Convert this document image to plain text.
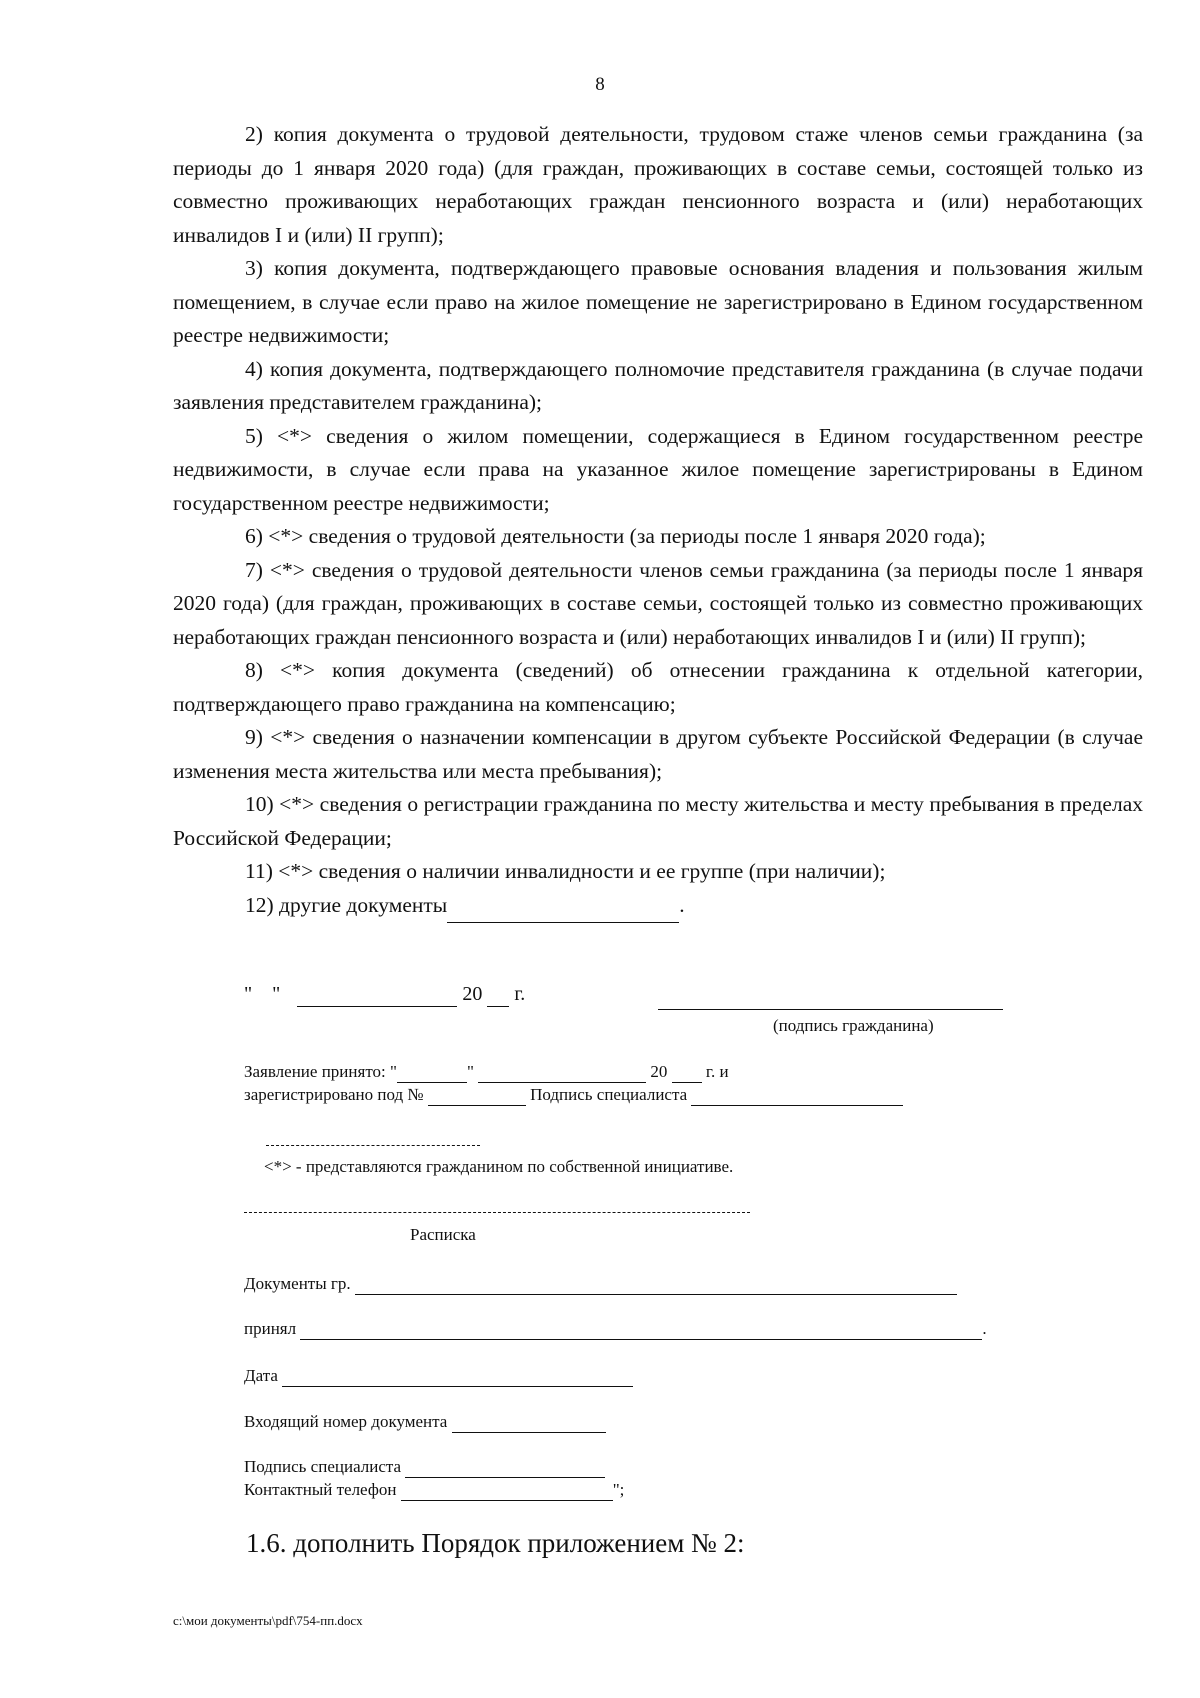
8

2) копия документа о трудовой деятельности, трудовом стаже членов семьи гражданина (за периоды до 1 января 2020 года) (для граждан, проживающих в составе семьи, состоящей только из совместно проживающих неработающих граждан пенсионного возраста и (или) неработающих инвалидов I и (или) II групп);

3) копия документа, подтверждающего правовые основания владения и пользования жилым помещением, в случае если право на жилое помещение не зарегистрировано в Едином государственном реестре недвижимости;

4) копия документа, подтверждающего полномочие представителя гражданина (в случае подачи заявления представителем гражданина);

5) <*> сведения о жилом помещении, содержащиеся в Едином государственном реестре недвижимости, в случае если права на указанное жилое помещение зарегистрированы в Едином государственном реестре недвижимости;

6) <*> сведения о трудовой деятельности (за периоды после 1 января 2020 года);

7) <*> сведения о трудовой деятельности членов семьи гражданина (за периоды после 1 января 2020 года) (для граждан, проживающих в составе семьи, состоящей только из совместно проживающих неработающих граждан пенсионного возраста и (или) неработающих инвалидов I и (или) II групп);

8) <*> копия документа (сведений) об отнесении гражданина к отдельной категории, подтверждающего право гражданина на компенсацию;

9) <*> сведения о назначении компенсации в другом субъекте Российской Федерации (в случае изменения места жительства или места пребывания);

10) <*> сведения о регистрации гражданина по месту жительства и месту пребывания в пределах Российской Федерации;

11) <*> сведения о наличии инвалидности и ее группе (при наличии);

12) другие документы	.

"    "	20 г.
(подпись гражданина)
Заявление принято: "	"	20 г. и
зарегистрировано под №	Подпись специалиста
<*> - представляются гражданином по собственной инициативе.
Расписка
Документы гр.
принял	.
Дата
Входящий номер документа
Подпись специалиста
Контактный телефон	";
1.6. дополнить Порядок приложением № 2:
c:\мои документы\pdf\754-пп.docx
